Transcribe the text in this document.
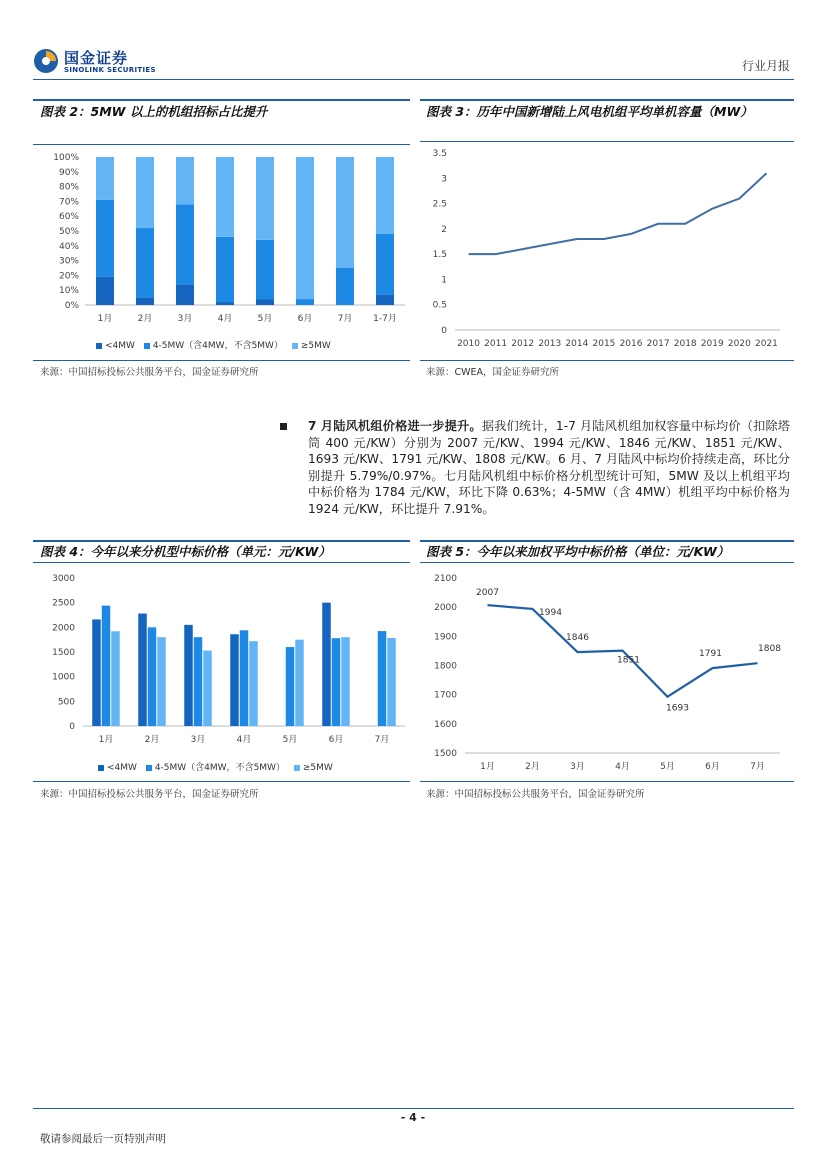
国金证券
SINOLINK SECURITIES	行业月报
图表 2：5MW 以上的机组招标占比提升
0%
10%
20%
30%
40%
50%
60%
70%
80%
90%
100%
1月	2月	3月	4月	5月	6月	7月 1-7月
<4MW 4-5MW（含4MW，不含5MW） ≥5MW
来源：中国招标投标公共服务平台，国金证券研究所
图表 3：历年中国新增陆上风电机组平均单机容量（MW）
0
0.5
1
1.5
2
2.5
3
3.5
2010 2011 2012 2013 2014 2015 2016 2017 2018 2019 2020 2021
来源：CWEA，国金证券研究所
7 月陆风机组价格进一步提升。据我们统计，1-7 月陆风机组加权容量中标均价（扣除塔筒 400 元/KW）分别为 2007 元/KW、1994 元/KW、1846 元/KW、1851 元/KW、1693 元/KW、1791 元/KW、1808 元/KW。6 月、7 月陆风中标均价持续走高，环比分别提升 5.79%/0.97%。七月陆风机组中标价格分机型统计可知，5MW 及以上机组平均中标价格为 1784 元/KW，环比下降 0.63%；4-5MW（含 4MW）机组平均中标价格为 1924 元/KW，环比提升 7.91%。
图表 4：今年以来分机型中标价格（单元：元/KW）
0
500
1000
1500
2000
2500
3000
1月	2月	3月	4月	5月	6月	7月
<4MW 4-5MW（含4MW，不含5MW） ≥5MW
来源：中国招标投标公共服务平台，国金证券研究所
图表 5：今年以来加权平均中标价格（单位：元/KW）
1500
1600
1700
1800
1900
2000
2100
2007
1994
1846
1851
1693
1791	1808
1月	2月	3月	4月	5月	6月	7月
来源：中国招标投标公共服务平台，国金证券研究所
- 4 -
敬请参阅最后一页特别声明
